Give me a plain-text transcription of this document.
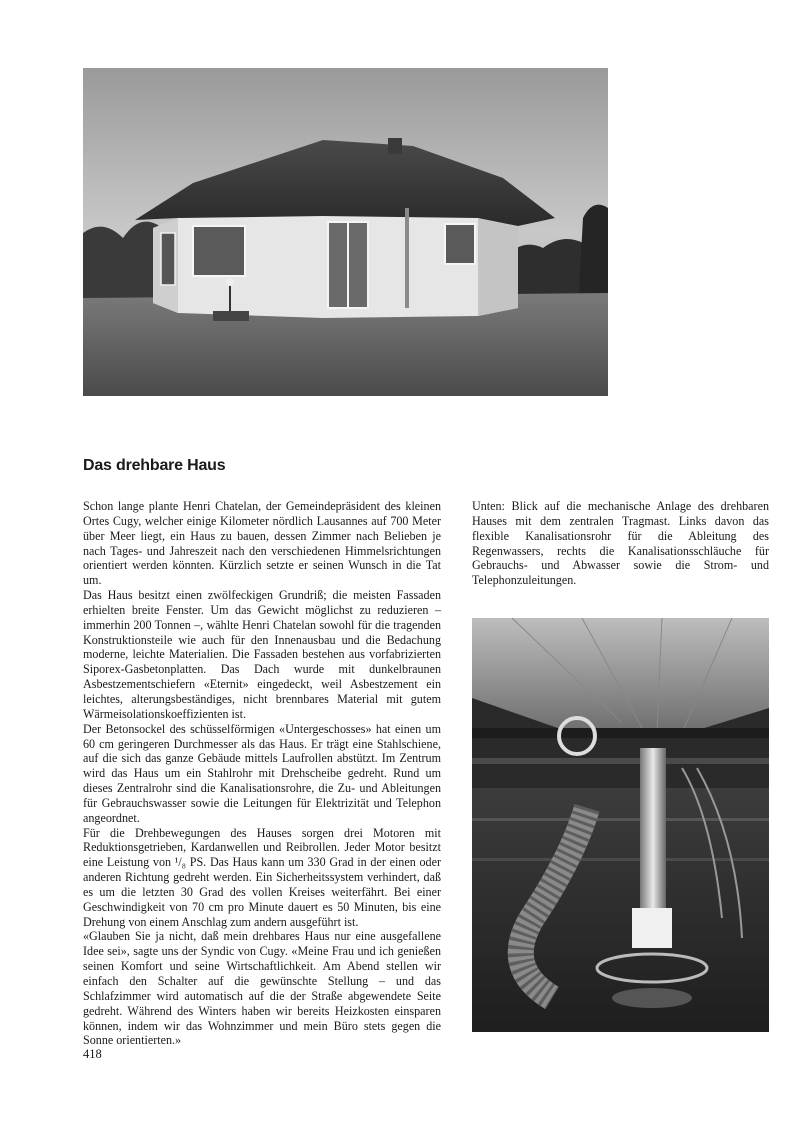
Das drehbare Haus

Schon lange plante Henri Chatelan, der Gemeindepräsident des kleinen Ortes Cugy, welcher einige Kilometer nördlich Lausannes auf 700 Meter über Meer liegt, ein Haus zu bauen, dessen Zimmer nach Belieben je nach Tages- und Jahreszeit nach den verschiedenen Himmelsrichtungen orientiert werden könnten. Kürzlich setzte er seinen Wunsch in die Tat um.

Das Haus besitzt einen zwölfeckigen Grundriß; die meisten Fassaden erhielten breite Fenster. Um das Gewicht möglichst zu reduzieren – immerhin 200 Tonnen –, wählte Henri Chatelan sowohl für die tragenden Konstruktionsteile wie auch für den Innenausbau und die Bedachung moderne, leichte Materialien. Die Fassaden bestehen aus vorfabrizierten Siporex-Gasbetonplatten. Das Dach wurde mit dunkelbraunen Asbestzementschiefern «Eternit» eingedeckt, weil Asbestzement ein leichtes, alterungsbeständiges, nicht brennbares Material mit gutem Wärmeisolationskoeffizienten ist.

Der Betonsockel des schüsselförmigen «Untergeschosses» hat einen um 60 cm geringeren Durchmesser als das Haus. Er trägt eine Stahlschiene, auf die sich das ganze Gebäude mittels Laufrollen abstützt. Im Zentrum wird das Haus um ein Stahlrohr mit Drehscheibe gedreht. Rund um dieses Zentralrohr sind die Kanalisationsrohre, die Zu- und Ableitungen für Gebrauchswasser sowie die Leitungen für Elektrizität und Telephon angeordnet.

Für die Drehbewegungen des Hauses sorgen drei Motoren mit Reduktionsgetrieben, Kardanwellen und Reibrollen. Jeder Motor besitzt eine Leistung von ¹/₈ PS. Das Haus kann um 330 Grad in der einen oder anderen Richtung gedreht werden. Ein Sicherheitssystem verhindert, daß es um die letzten 30 Grad des vollen Kreises weiterfährt. Bei einer Geschwindigkeit von 70 cm pro Minute dauert es 50 Minuten, bis eine Drehung von einem Anschlag zum andern ausgeführt ist.

«Glauben Sie ja nicht, daß mein drehbares Haus nur eine ausgefallene Idee sei», sagte uns der Syndic von Cugy. «Meine Frau und ich genießen seinen Komfort und seine Wirtschaftlichkeit. Am Abend stellen wir einfach den Schalter auf die gewünschte Stellung – und das Schlafzimmer wird automatisch auf die der Straße abgewendete Seite gedreht. Während des Winters haben wir bereits Heizkosten einsparen können, indem wir das Wohnzimmer und mein Büro stets gegen die Sonne orientierten.»

Unten: Blick auf die mechanische Anlage des drehbaren Hauses mit dem zentralen Tragmast. Links davon das flexible Kanalisationsrohr für die Ableitung des Regenwassers, rechts die Kanalisationsschläuche für Gebrauchs- und Abwasser sowie die Strom- und Telephonzuleitungen.

418
